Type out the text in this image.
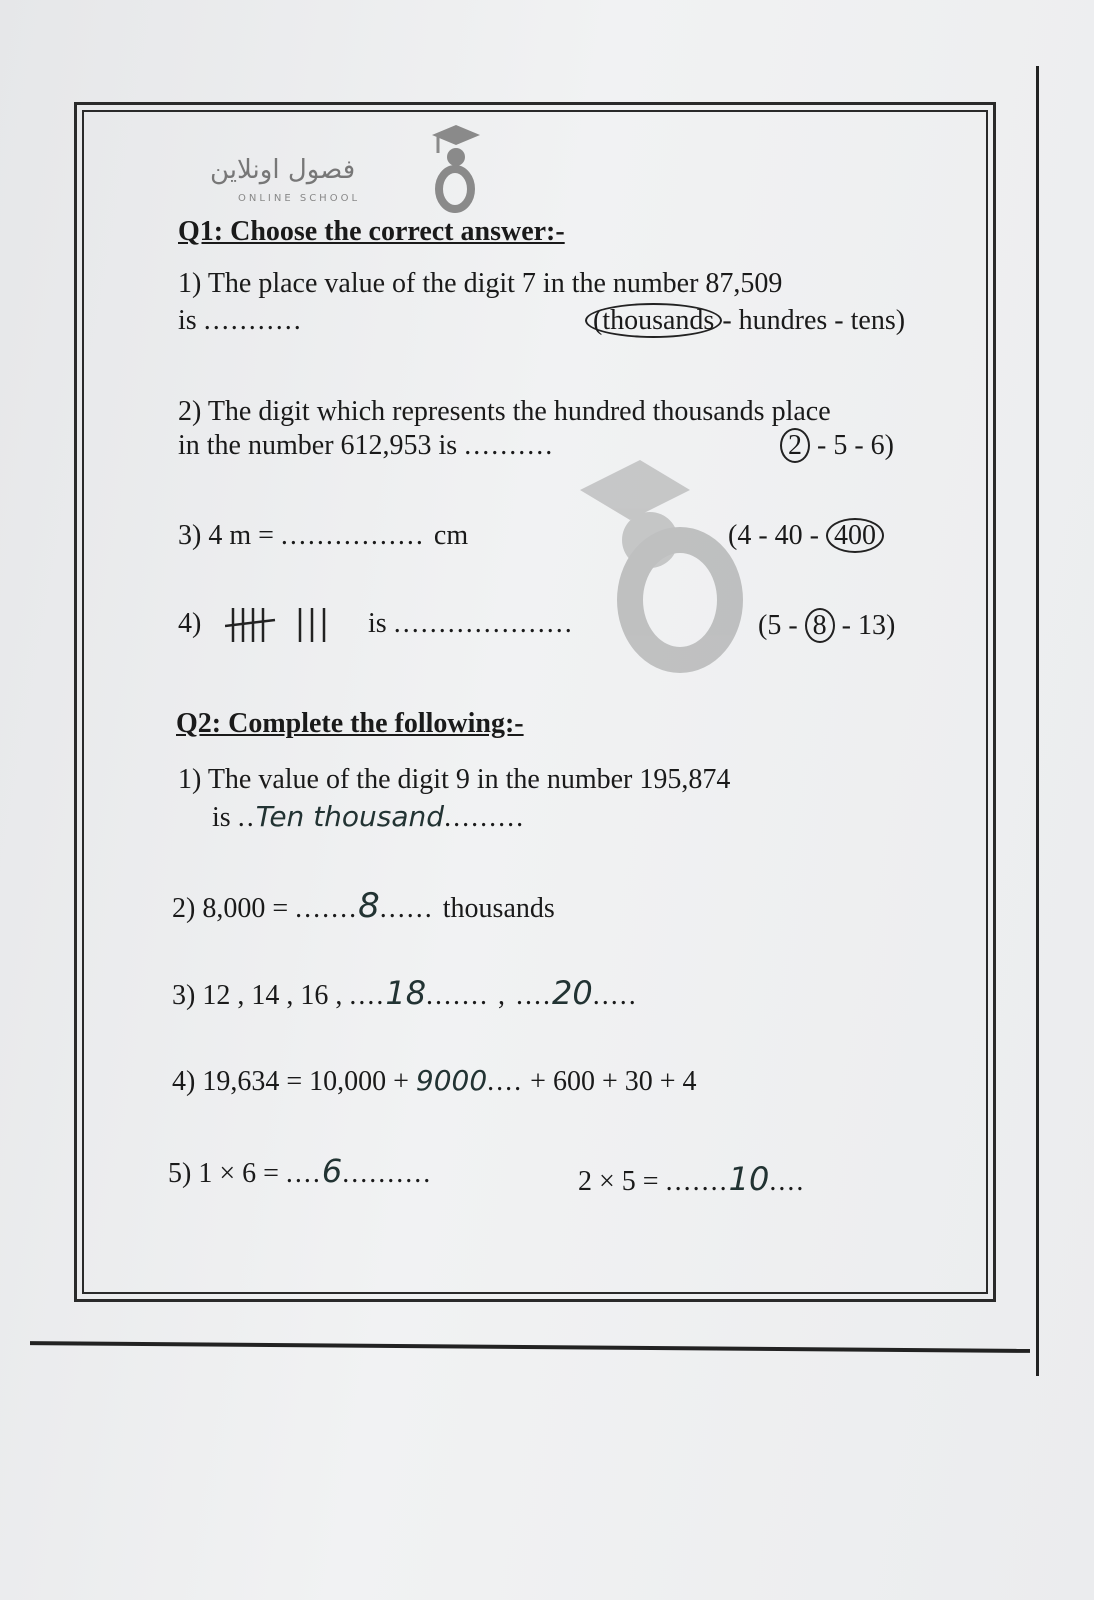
فصول اونلاين
ONLINE SCHOOL
Q1: Choose the correct answer:-
1) The place value of the digit 7 in the number 87,509
is ...........	(thousands - hundres - tens)
2) The digit which represents the hundred thousands place
in the number 612,953 is ..........	2 - 5 - 6)
3) 4 m = ................ cm	(4 - 40 - 400
4)	is ....................	(5 - 8 - 13)
Q2: Complete the following:-
1) The value of the digit 9 in the number 195,874
is ..Ten thousand.........
2) 8,000 = .......8...... thousands
3) 12 , 14 , 16 , ....18....... , ....20.....
4) 19,634 = 10,000 + 9000.... + 600 + 30 + 4
5) 1 × 6 = ....6..........	2 × 5 = .......10....
